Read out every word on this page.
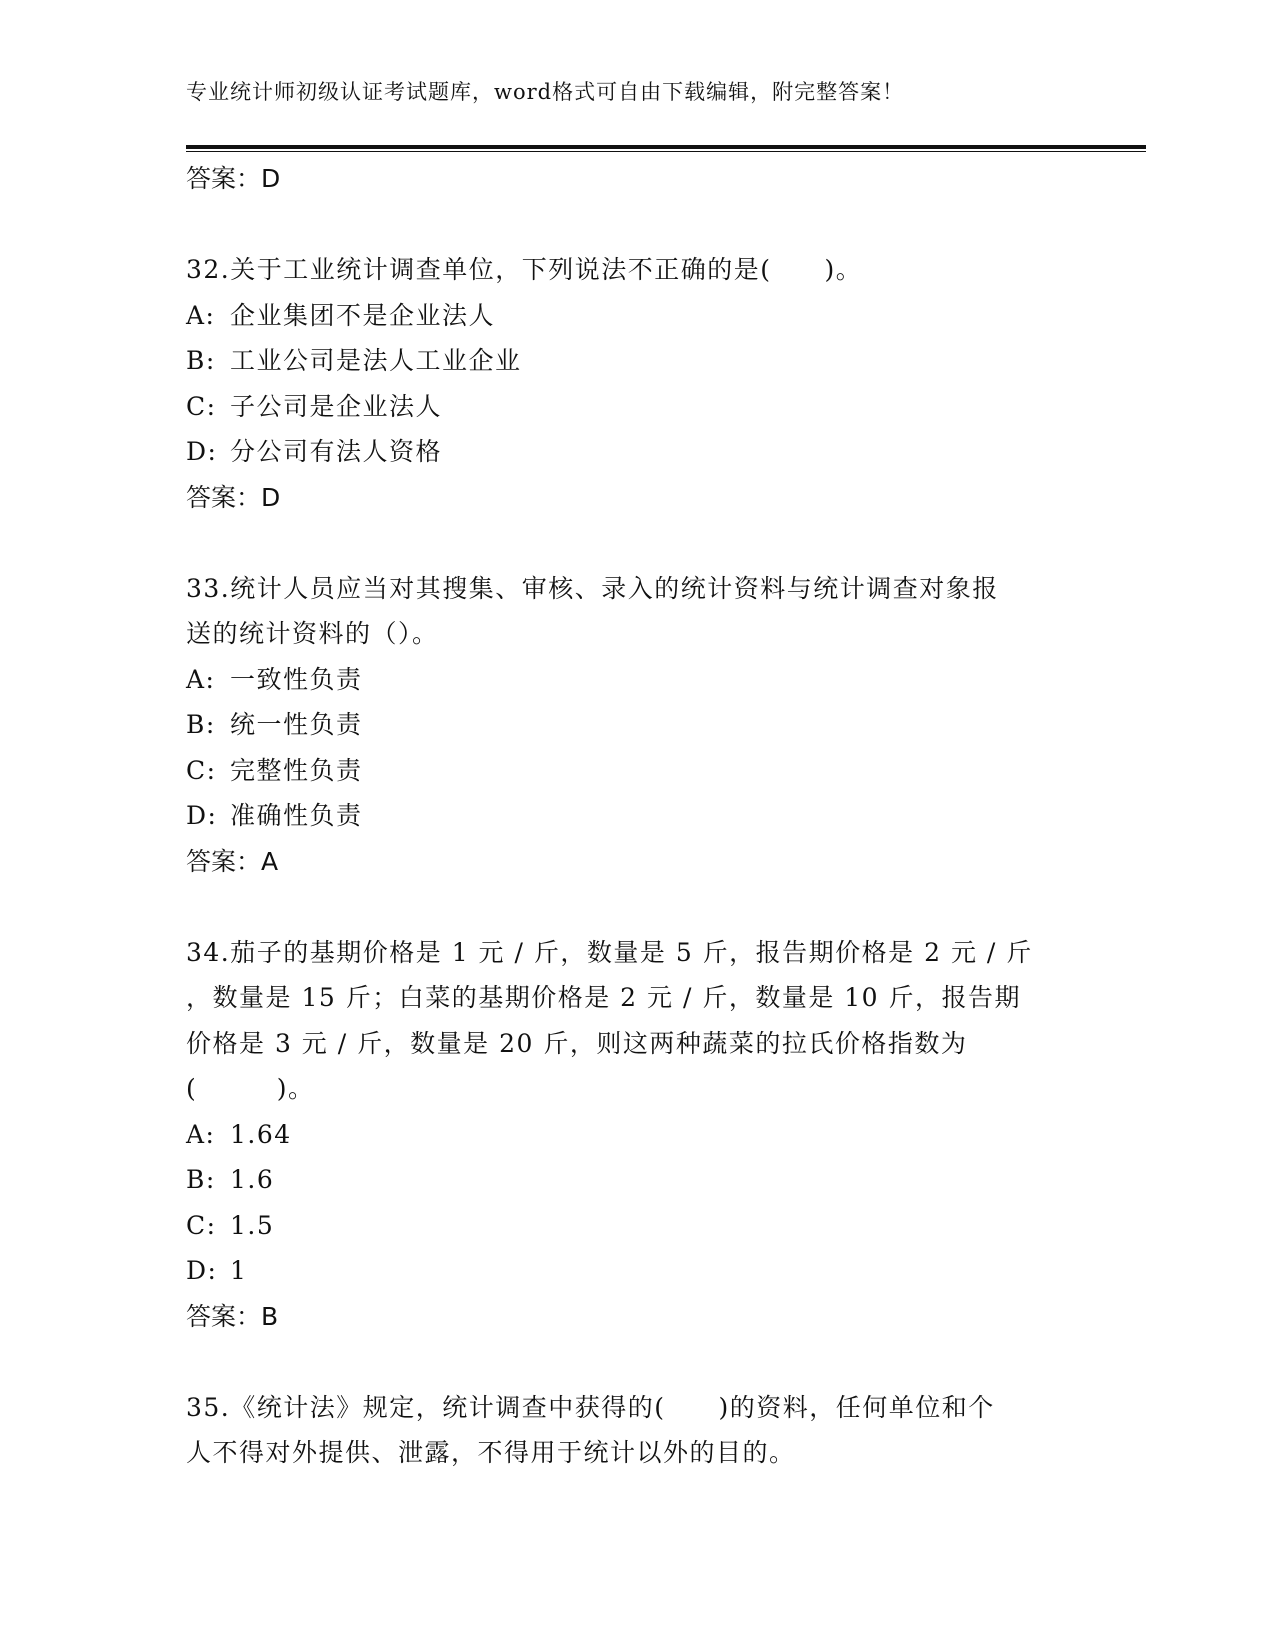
专业统计师初级认证考试题库，word格式可自由下载编辑，附完整答案！
答案：D
32.关于工业统计调查单位，下列说法不正确的是(　　)。
A: 企业集团不是企业法人
B: 工业公司是法人工业企业
C: 子公司是企业法人
D: 分公司有法人资格
答案：D
33.统计人员应当对其搜集、审核、录入的统计资料与统计调查对象报
送的统计资料的（）。
A: 一致性负责
B: 统一性负责
C: 完整性负责
D: 准确性负责
答案：A
34.茄子的基期价格是 1 元 / 斤，数量是 5 斤，报告期价格是 2 元 / 斤
，数量是 15 斤；白菜的基期价格是 2 元 / 斤，数量是 10 斤，报告期
价格是 3 元 / 斤，数量是 20 斤，则这两种蔬菜的拉氏价格指数为
(　　　)。
A: 1.64
B: 1.6
C: 1.5
D: 1
答案：B
35.《统计法》规定，统计调查中获得的(　　)的资料，任何单位和个
人不得对外提供、泄露，不得用于统计以外的目的。
